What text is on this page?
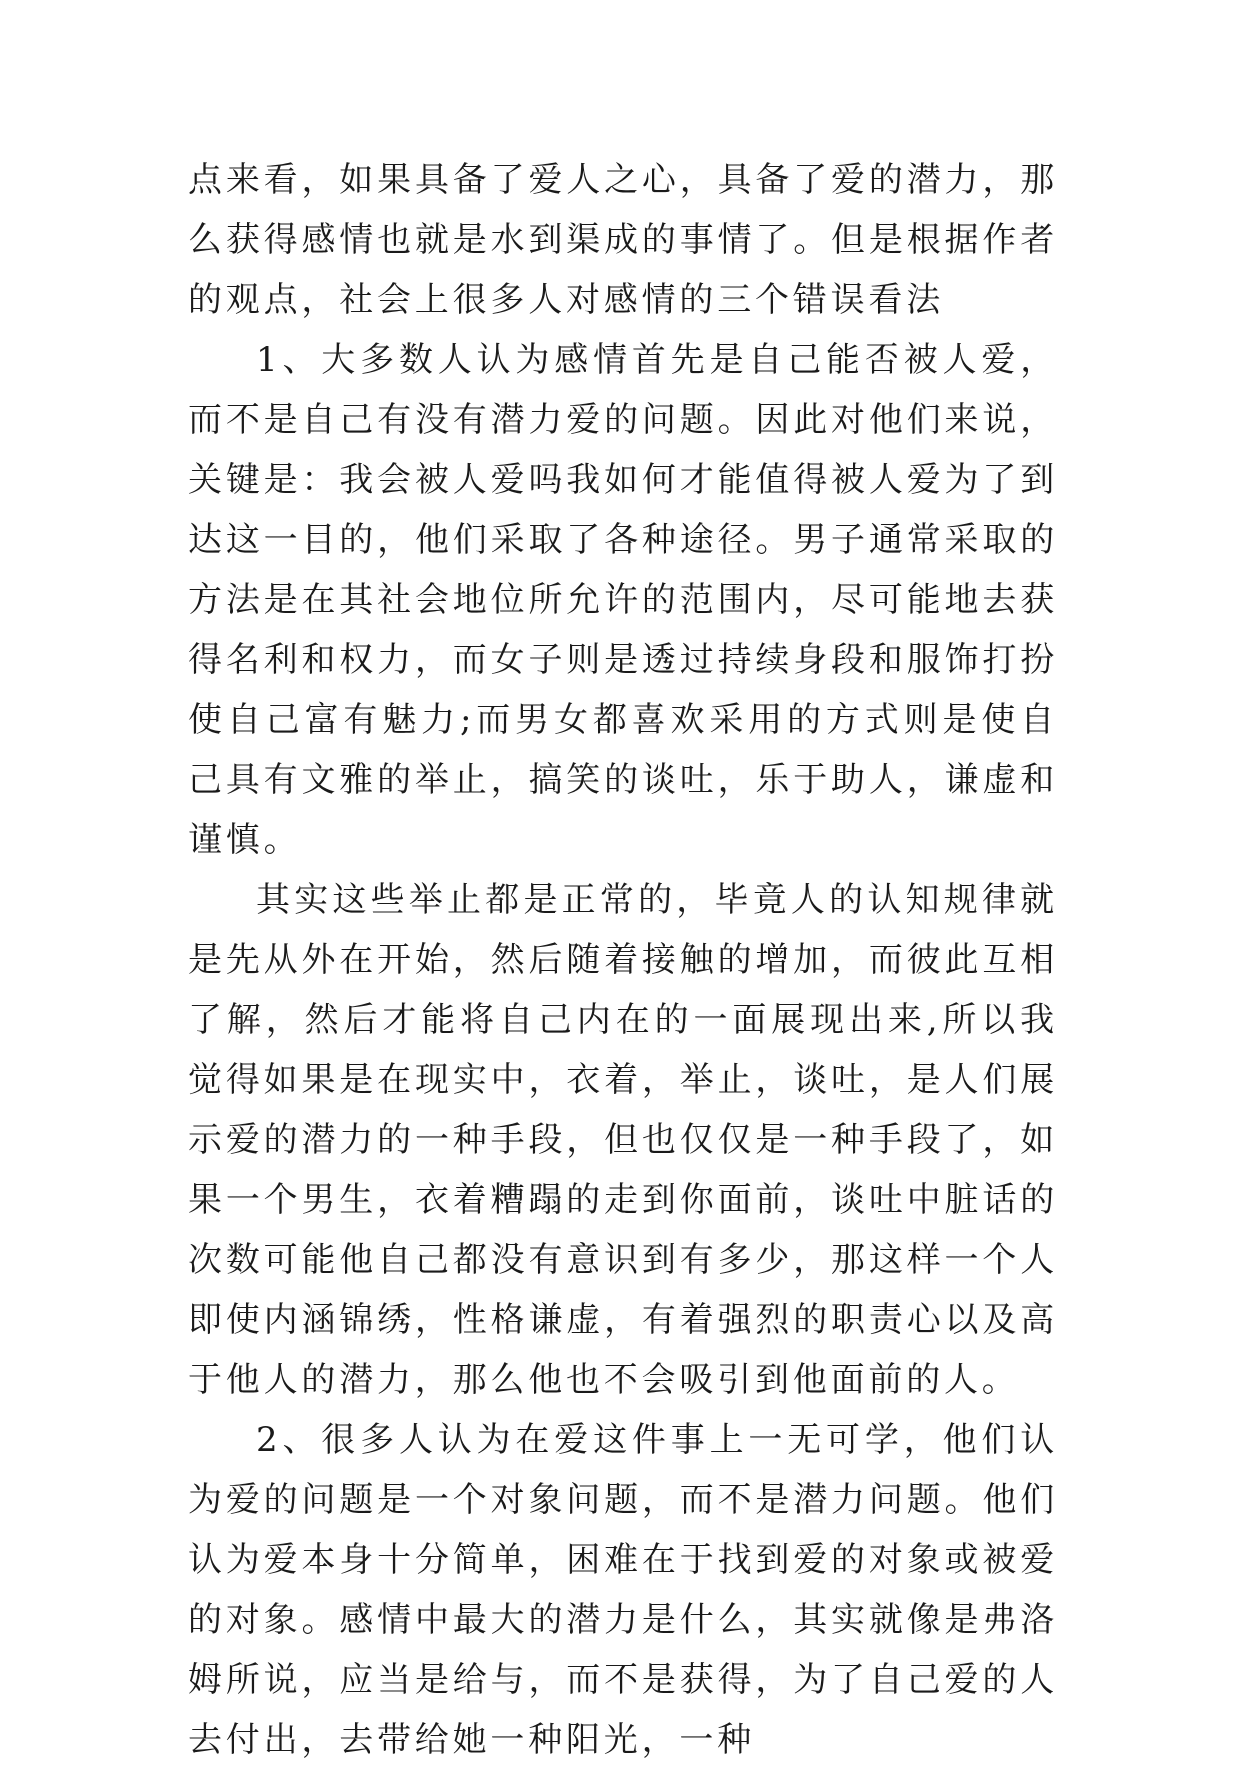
点来看，如果具备了爱人之心，具备了爱的潜力，那么获得感情也就是水到渠成的事情了。但是根据作者的观点，社会上很多人对感情的三个错误看法

1、大多数人认为感情首先是自己能否被人爱，而不是自己有没有潜力爱的问题。因此对他们来说，关键是：我会被人爱吗我如何才能值得被人爱为了到达这一目的，他们采取了各种途径。男子通常采取的方法是在其社会地位所允许的范围内，尽可能地去获得名利和权力，而女子则是透过持续身段和服饰打扮使自己富有魅力;而男女都喜欢采用的方式则是使自己具有文雅的举止，搞笑的谈吐，乐于助人，谦虚和谨慎。

其实这些举止都是正常的，毕竟人的认知规律就是先从外在开始，然后随着接触的增加，而彼此互相了解，然后才能将自己内在的一面展现出来,所以我觉得如果是在现实中，衣着，举止，谈吐，是人们展示爱的潜力的一种手段，但也仅仅是一种手段了，如果一个男生，衣着糟蹋的走到你面前，谈吐中脏话的次数可能他自己都没有意识到有多少，那这样一个人即使内涵锦绣，性格谦虚，有着强烈的职责心以及高于他人的潜力，那么他也不会吸引到他面前的人。

2、很多人认为在爱这件事上一无可学，他们认为爱的问题是一个对象问题，而不是潜力问题。他们认为爱本身十分简单，困难在于找到爱的对象或被爱的对象。感情中最大的潜力是什么，其实就像是弗洛姆所说，应当是给与，而不是获得，为了自己爱的人去付出，去带给她一种阳光，一种
